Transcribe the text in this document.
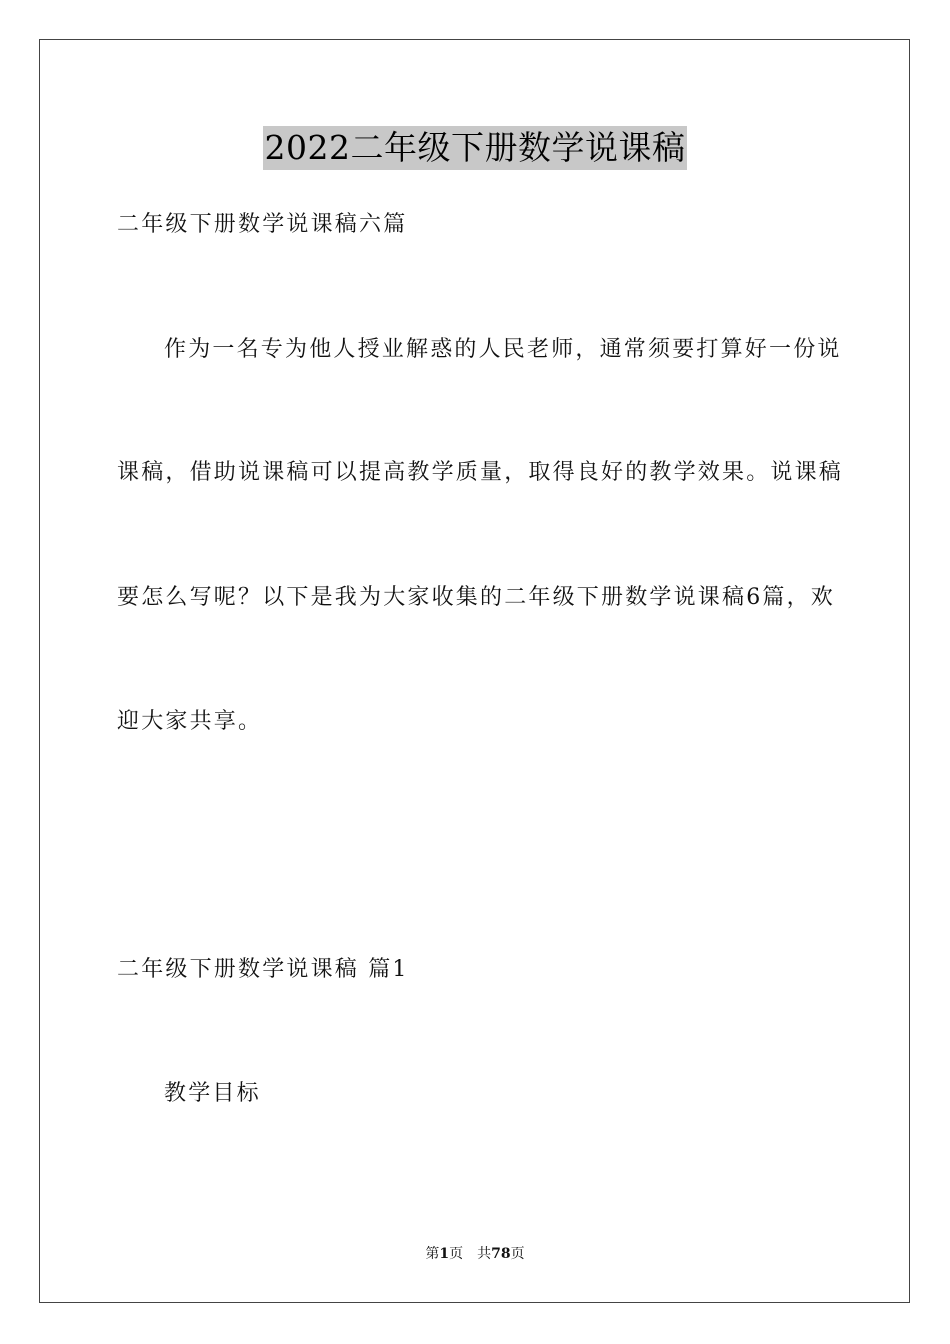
2022二年级下册数学说课稿
二年级下册数学说课稿六篇
作为一名专为他人授业解惑的人民老师，通常须要打算好一份说
课稿，借助说课稿可以提高教学质量，取得良好的教学效果。说课稿
要怎么写呢？以下是我为大家收集的二年级下册数学说课稿6篇，欢
迎大家共享。
二年级下册数学说课稿 篇1
教学目标
第1页 共78页
